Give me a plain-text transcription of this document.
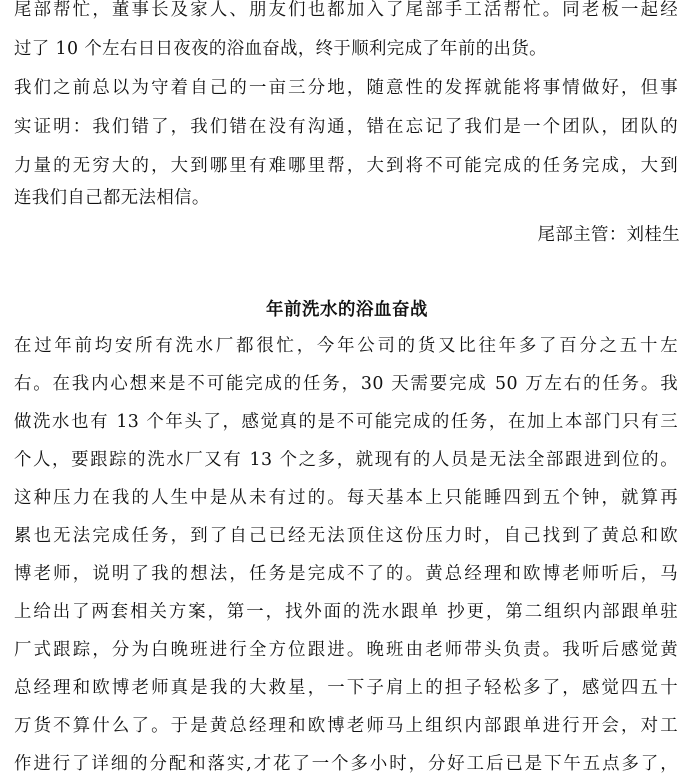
尾部帮忙，董事长及家人、朋友们也都加入了尾部手工活帮忙。同老板一起经
过了 10 个左右日日夜夜的浴血奋战，终于顺利完成了年前的出货。
我们之前总以为守着自己的一亩三分地，随意性的发挥就能将事情做好，但事
实证明：我们错了，我们错在没有沟通，错在忘记了我们是一个团队，团队的
力量的无穷大的，大到哪里有难哪里帮，大到将不可能完成的任务完成，大到
连我们自己都无法相信。
尾部主管：刘桂生
年前洗水的浴血奋战
在过年前均安所有洗水厂都很忙，今年公司的货又比往年多了百分之五十左
右。在我内心想来是不可能完成的任务，30 天需要完成 50 万左右的任务。我
做洗水也有 13 个年头了，感觉真的是不可能完成的任务，在加上本部门只有三
个人，要跟踪的洗水厂又有 13 个之多，就现有的人员是无法全部跟进到位的。
这种压力在我的人生中是从未有过的。每天基本上只能睡四到五个钟，就算再
累也无法完成任务，到了自己已经无法顶住这份压力时，自己找到了黄总和欧
博老师，说明了我的想法，任务是完成不了的。黄总经理和欧博老师听后，马
上给出了两套相关方案，第一，找外面的洗水跟单 抄更，第二组织内部跟单驻
厂式跟踪，分为白晚班进行全方位跟进。晚班由老师带头负责。我听后感觉黄
总经理和欧博老师真是我的大救星，一下子肩上的担子轻松多了，感觉四五十
万货不算什么了。于是黄总经理和欧博老师马上组织内部跟单进行开会，对工
作进行了详细的分配和落实,才花了一个多小时，分好工后已是下午五点多了，
